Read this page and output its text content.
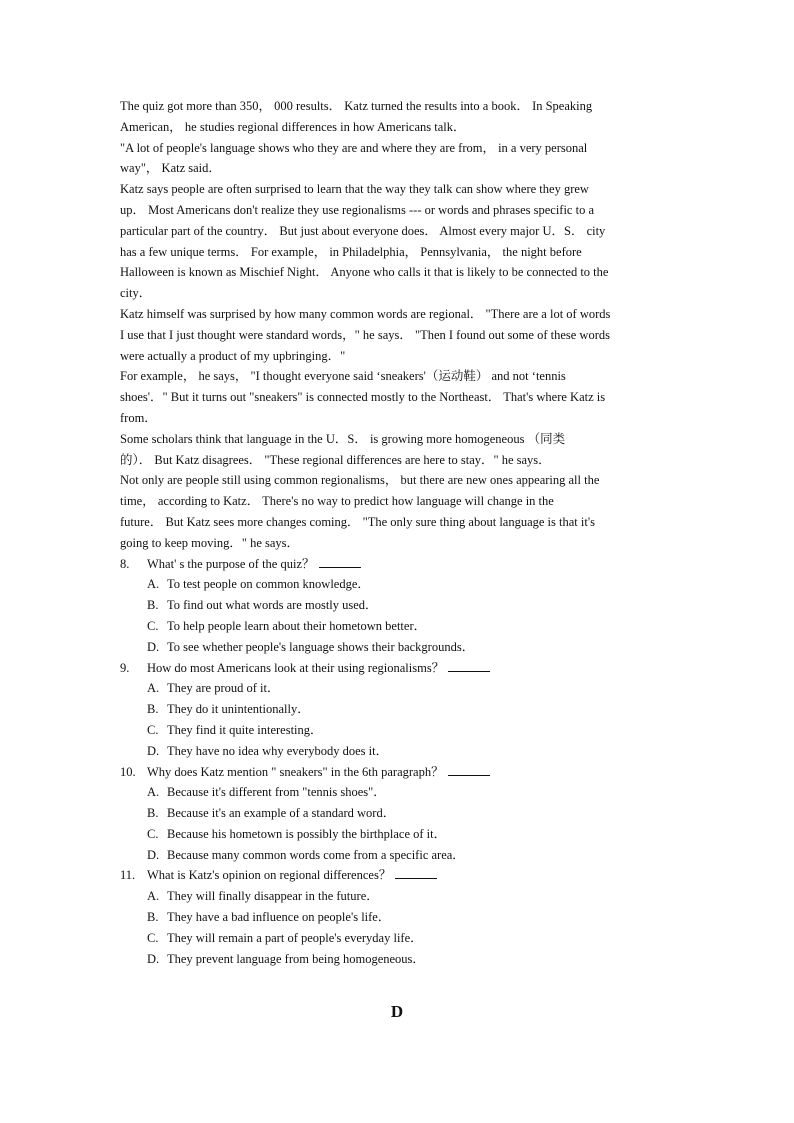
The quiz got more than 350， 000 results． Katz turned the results into a book． In Speaking
American， he studies regional differences in how Americans talk．
"A lot of people's language shows who they are and where they are from， in a very personal
way"， Katz said．
Katz says people are often surprised to learn that the way they talk can show where they grew
up． Most Americans don't realize they use regionalisms --- or words and phrases specific to a
particular part of the country． But just about everyone does． Almost every major U．S． city
has a few unique terms． For example， in Philadelphia， Pennsylvania， the night before
Halloween is known as Mischief Night． Anyone who calls it that is likely to be connected to the
city．
Katz himself was surprised by how many common words are regional． "There are a lot of words
I use that I just thought were standard words，" he says． "Then I found out some of these words
were actually a product of my upbringing．"
For example， he says， "I thought everyone said ‘sneakers'（运动鞋） and not ‘tennis
shoes'．" But it turns out "sneakers" is connected mostly to the Northeast． That's where Katz is
from．
Some scholars think that language in the U．S． is growing more homogeneous （同类
的）． But Katz disagrees． "These regional differences are here to stay．" he says．
Not only are people still using common regionalisms， but there are new ones appearing all the
time， according to Katz． There's no way to predict how language will change in the
future． But Katz sees more changes coming． "The only sure thing about language is that it's
going to keep moving．" he says．
8. What' s the purpose of the quiz？
A. To test people on common knowledge．
B. To find out what words are mostly used．
C. To help people learn about their hometown better．
D. To see whether people's language shows their backgrounds．
9. How do most Americans look at their using regionalisms？
A. They are proud of it．
B. They do it unintentionally．
C. They find it quite interesting．
D. They have no idea why everybody does it．
10. Why does Katz mention " sneakers" in the 6th paragraph？
A. Because it's different from "tennis shoes"．
B. Because it's an example of a standard word．
C. Because his hometown is possibly the birthplace of it．
D. Because many common words come from a specific area．
11. What is Katz's opinion on regional differences？
A. They will finally disappear in the future．
B. They have a bad influence on people's life．
C. They will remain a part of people's everyday life．
D. They prevent language from being homogeneous．
D
